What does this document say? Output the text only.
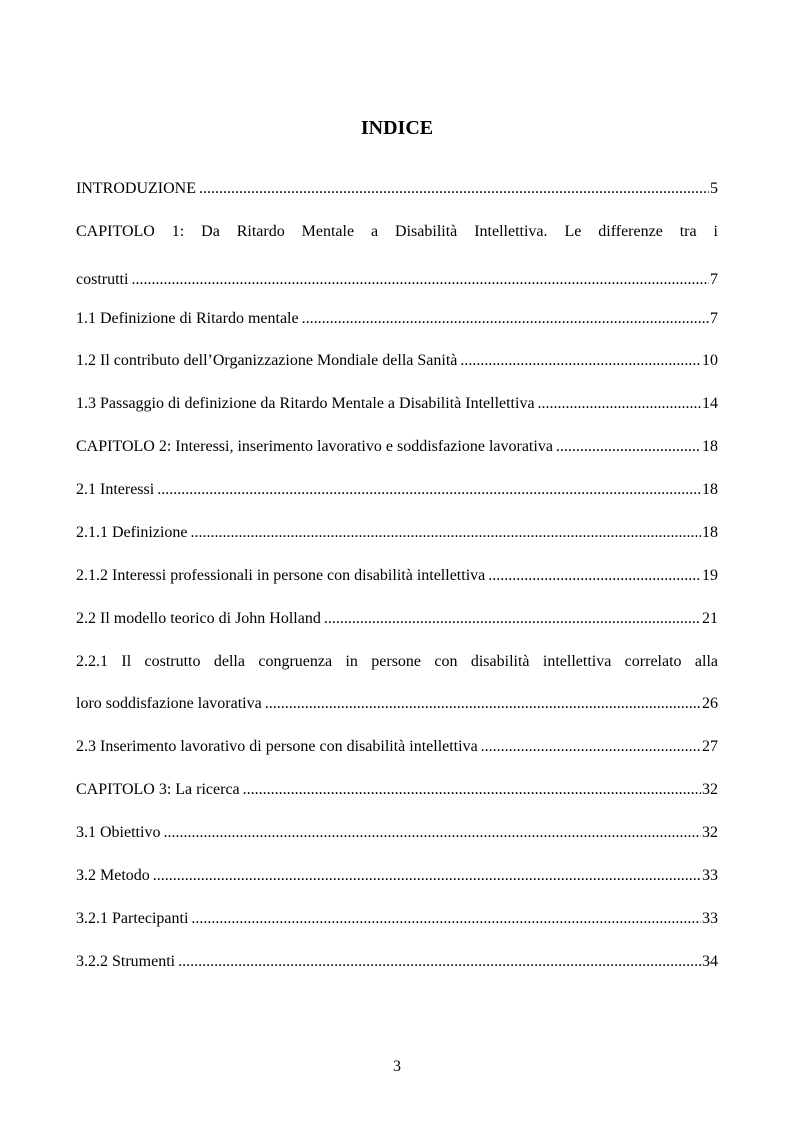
INDICE
INTRODUZIONE .....	5
CAPITOLO 1: Da Ritardo Mentale a Disabilità Intellettiva. Le differenze tra i
costrutti .....	7
1.1 Definizione di Ritardo mentale .....	7
1.2 Il contributo dell’Organizzazione Mondiale della Sanità .....	10
1.3 Passaggio di definizione da Ritardo Mentale a Disabilità Intellettiva .....	14
CAPITOLO 2: Interessi, inserimento lavorativo e soddisfazione lavorativa .....	18
2.1 Interessi .....	18
2.1.1 Definizione .....	18
2.1.2 Interessi professionali in persone con disabilità intellettiva .....	19
2.2 Il modello teorico di John Holland .....	21
2.2.1 Il costrutto della congruenza in persone con disabilità intellettiva correlato alla
loro soddisfazione lavorativa .....	26
2.3 Inserimento lavorativo di persone con disabilità intellettiva .....	27
CAPITOLO 3: La ricerca .....	32
3.1 Obiettivo .....	32
3.2 Metodo .....	33
3.2.1 Partecipanti .....	33
3.2.2 Strumenti .....	34
3
